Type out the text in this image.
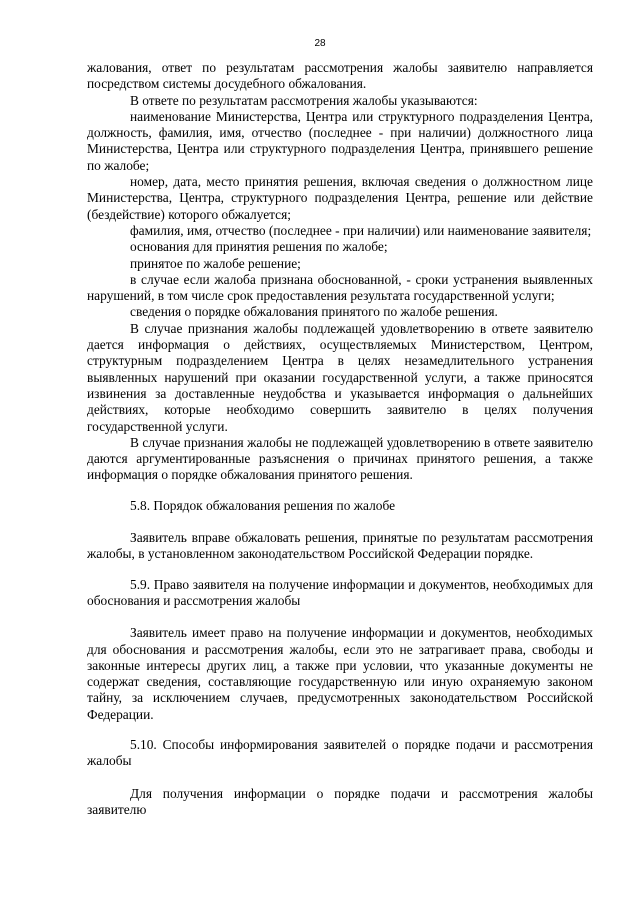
28

жалования, ответ по результатам рассмотрения жалобы заявителю направляется посредством системы досудебного обжалования.

В ответе по результатам рассмотрения жалобы указываются:

наименование Министерства, Центра или структурного подразделения Центра, должность, фамилия, имя, отчество (последнее - при наличии) должностного лица Министерства, Центра или структурного подразделения Центра, принявшего решение по жалобе;

номер, дата, место принятия решения, включая сведения о должностном лице Министерства, Центра, структурного подразделения Центра, решение или действие (бездействие) которого обжалуется;

фамилия, имя, отчество (последнее - при наличии) или наименование заявителя;

основания для принятия решения по жалобе;

принятое по жалобе решение;

в случае если жалоба признана обоснованной, - сроки устранения выявленных нарушений, в том числе срок предоставления результата государственной услуги;

сведения о порядке обжалования принятого по жалобе решения.

В случае признания жалобы подлежащей удовлетворению в ответе заявителю дается информация о действиях, осуществляемых Министерством, Центром, структурным подразделением Центра в целях незамедлительного устранения выявленных нарушений при оказании государственной услуги, а также приносятся извинения за доставленные неудобства и указывается информация о дальнейших действиях, которые необходимо совершить заявителю в целях получения государственной услуги.

В случае признания жалобы не подлежащей удовлетворению в ответе заявителю даются аргументированные разъяснения о причинах принятого решения, а также информация о порядке обжалования принятого решения.

5.8. Порядок обжалования решения по жалобе

Заявитель вправе обжаловать решения, принятые по результатам рассмотрения жалобы, в установленном законодательством Российской Федерации порядке.

5.9. Право заявителя на получение информации и документов, необходимых для обоснования и рассмотрения жалобы

Заявитель имеет право на получение информации и документов, необходимых для обоснования и рассмотрения жалобы, если это не затрагивает права, свободы и законные интересы других лиц, а также при условии, что указанные документы не содержат сведения, составляющие государственную или иную охраняемую законом тайну, за исключением случаев, предусмотренных законодательством Российской Федерации.

5.10. Способы информирования заявителей о порядке подачи и рассмотрения жалобы

Для получения информации о порядке подачи и рассмотрения жалобы заявителю
